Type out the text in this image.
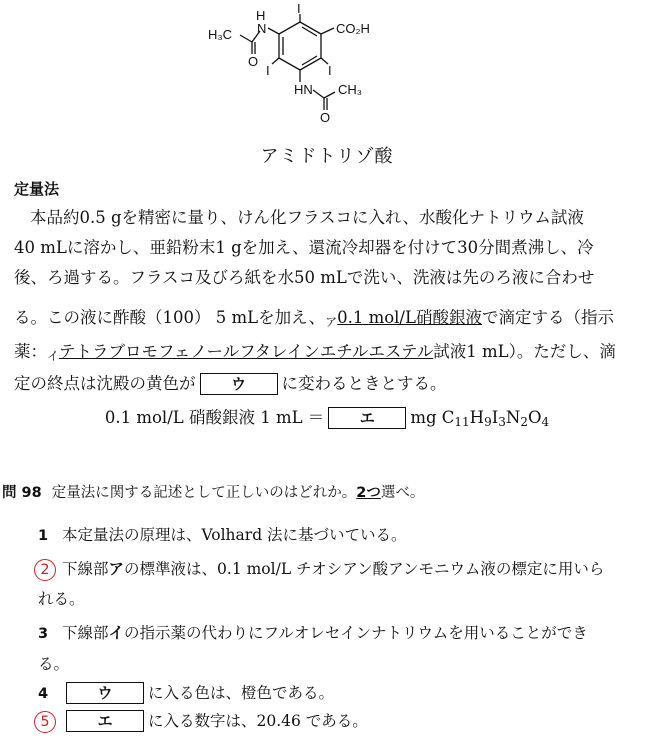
H
N
I
CO₂H
H₃C
O
I	I
HN CH₃
O
アミドトリゾ酸
定量法
本品約0.5 gを精密に量り、けん化フラスコに入れ、水酸化ナトリウム試液
40 mLに溶かし、亜鉛粉末1 gを加え、還流冷却器を付けて30分間煮沸し、冷
後、ろ過する。フラスコ及びろ紙を水50 mLで洗い、洗液は先のろ液に合わせ
る。この液に酢酸（100） 5 mLを加え、$_ア$0.1 mol/L硝酸銀液で滴定する（指示
薬：$_イ$テトラブロモフェノールフタレインエチルエステル試液1 mL）。ただし、滴
定の終点は沈殿の黄色が ウ に変わるときとする。
0.1 mol/L 硝酸銀液 1 mL ＝ エ mg $C_{11}H_9I_3N_2O_4$
問 98 定量法に関する記述として正しいのはどれか。2つ選べ。
1 本定量法の原理は、Volhard 法に基づいている。
2 下線部アの標準液は、0.1 mol/L チオシアン酸アンモニウム液の標定に用いら
れる。
3 下線部イの指示薬の代わりにフルオレセインナトリウムを用いることができ
る。
4	ウ に入る色は、橙色である。
5	エ に入る数字は、20.46 である。
